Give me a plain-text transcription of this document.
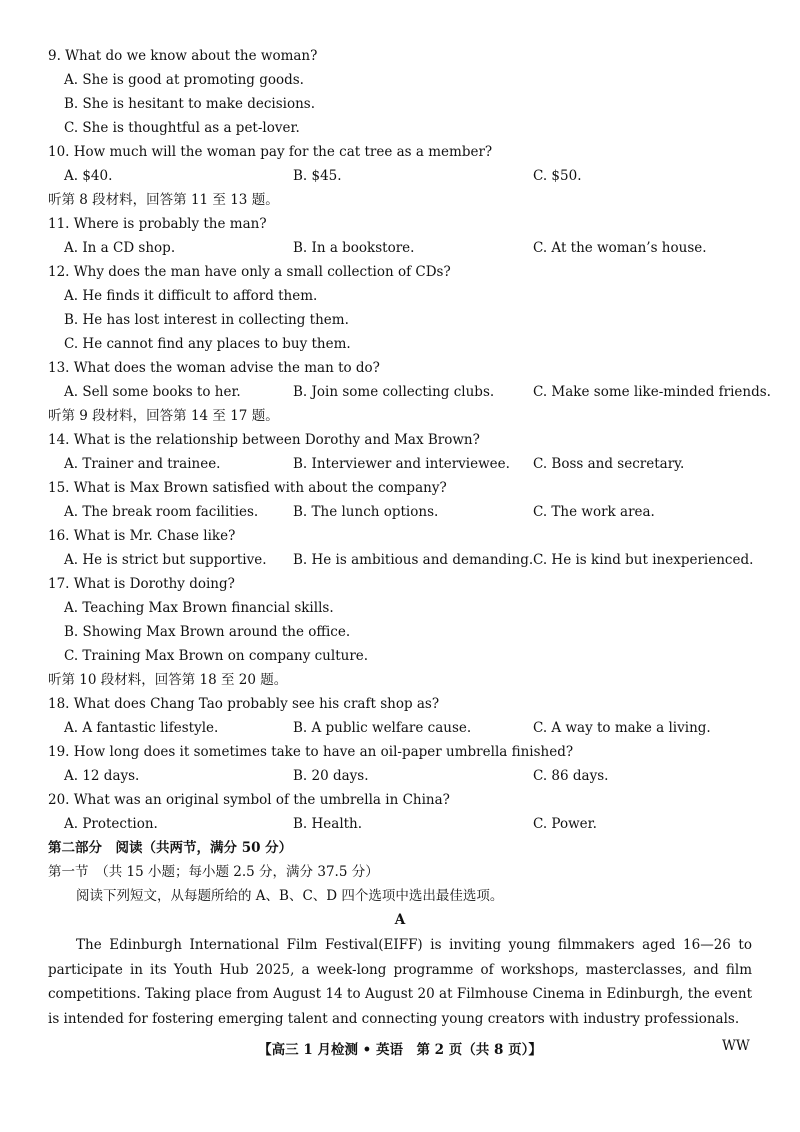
9. What do we know about the woman?
A. She is good at promoting goods.
B. She is hesitant to make decisions.
C. She is thoughtful as a pet-lover.
10. How much will the woman pay for the cat tree as a member?
A. $40.	B. $45.	C. $50.
听第 8 段材料，回答第 11 至 13 题。
11. Where is probably the man?
A. In a CD shop.	B. In a bookstore.	C. At the woman’s house.
12. Why does the man have only a small collection of CDs?
A. He finds it difficult to afford them.
B. He has lost interest in collecting them.
C. He cannot find any places to buy them.
13. What does the woman advise the man to do?
A. Sell some books to her.	B. Join some collecting clubs.	C. Make some like-minded friends.
听第 9 段材料，回答第 14 至 17 题。
14. What is the relationship between Dorothy and Max Brown?
A. Trainer and trainee.	B. Interviewer and interviewee. C. Boss and secretary.
15. What is Max Brown satisfied with about the company?
A. The break room facilities.	B. The lunch options.	C. The work area.
16. What is Mr. Chase like?
A. He is strict but supportive. B. He is ambitious and demanding. C. He is kind but inexperienced.
17. What is Dorothy doing?
A. Teaching Max Brown financial skills.
B. Showing Max Brown around the office.
C. Training Max Brown on company culture.
听第 10 段材料，回答第 18 至 20 题。
18. What does Chang Tao probably see his craft shop as?
A. A fantastic lifestyle.	B. A public welfare cause.	C. A way to make a living.
19. How long does it sometimes take to have an oil-paper umbrella finished?
A. 12 days.	B. 20 days.	C. 86 days.
20. What was an original symbol of the umbrella in China?
A. Protection.	B. Health.	C. Power.
第二部分　阅读（共两节，满分 50 分）
第一节　（共 15 小题；每小题 2.5 分，满分 37.5 分）
阅读下列短文，从每题所给的 A、B、C、D 四个选项中选出最佳选项。
A
The Edinburgh International Film Festival(EIFF) is inviting young filmmakers aged 16—26 to participate in its Youth Hub 2025, a week-long programme of workshops, masterclasses, and film competitions. Taking place from August 14 to August 20 at Filmhouse Cinema in Edinburgh, the event is intended for fostering emerging talent and connecting young creators with industry professionals.
【高三 1 月检测 • 英语　第 2 页（共 8 页）】	WW
